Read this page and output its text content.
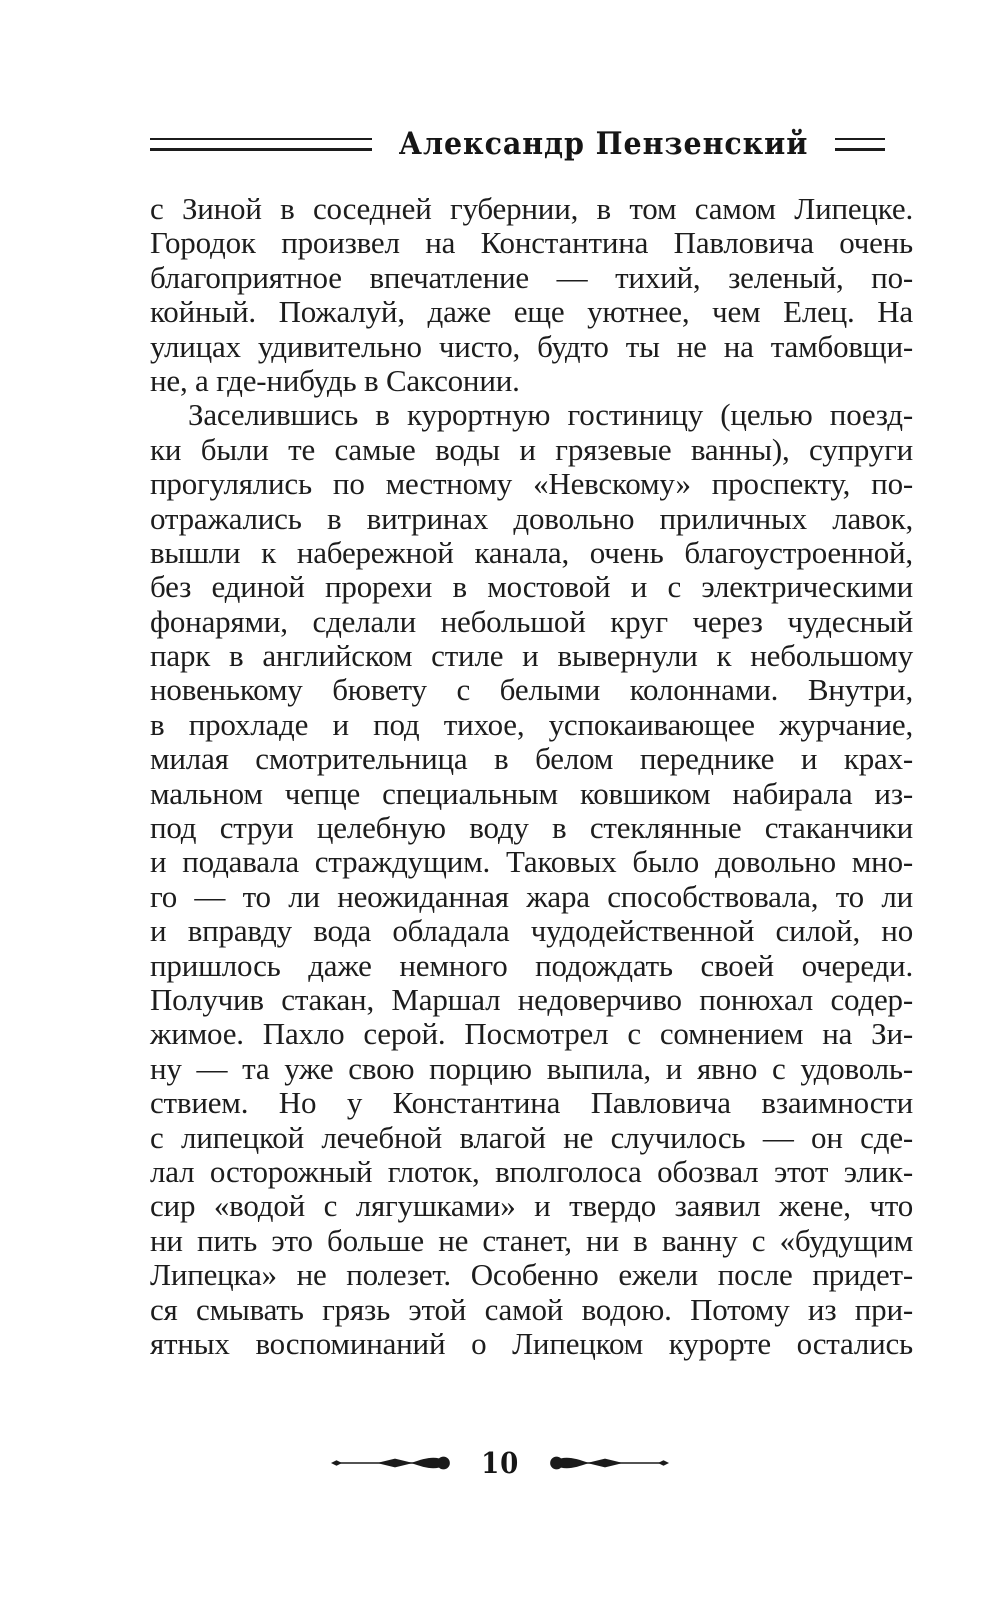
Александр Пензенский
с Зиной в соседней губернии, в том самом Липецке.
Городок произвел на Константина Павловича очень
благоприятное впечатление — тихий, зеленый, по-
койный. Пожалуй, даже еще уютнее, чем Елец. На
улицах удивительно чисто, будто ты не на тамбовщи-
не, а где-нибудь в Саксонии.
Заселившись в курортную гостиницу (целью поезд-
ки были те самые воды и грязевые ванны), супруги
прогулялись по местному «Невскому» проспекту, по-
отражались в витринах довольно приличных лавок,
вышли к набережной канала, очень благоустроенной,
без единой прорехи в мостовой и с электрическими
фонарями, сделали небольшой круг через чудесный
парк в английском стиле и вывернули к небольшому
новенькому бювету с белыми колоннами. Внутри,
в прохладе и под тихое, успокаивающее журчание,
милая смотрительница в белом переднике и крах-
мальном чепце специальным ковшиком набирала из-
под струи целебную воду в стеклянные стаканчики
и подавала страждущим. Таковых было довольно мно-
го — то ли неожиданная жара способствовала, то ли
и вправду вода обладала чудодейственной силой, но
пришлось даже немного подождать своей очереди.
Получив стакан, Маршал недоверчиво понюхал содер-
жимое. Пахло серой. Посмотрел с сомнением на Зи-
ну — та уже свою порцию выпила, и явно с удоволь-
ствием. Но у Константина Павловича взаимности
с липецкой лечебной влагой не случилось — он сде-
лал осторожный глоток, вполголоса обозвал этот элик-
сир «водой с лягушками» и твердо заявил жене, что
ни пить это больше не станет, ни в ванну с «будущим
Липецка» не полезет. Особенно ежели после придет-
ся смывать грязь этой самой водою. Потому из при-
ятных воспоминаний о Липецком курорте остались
10
